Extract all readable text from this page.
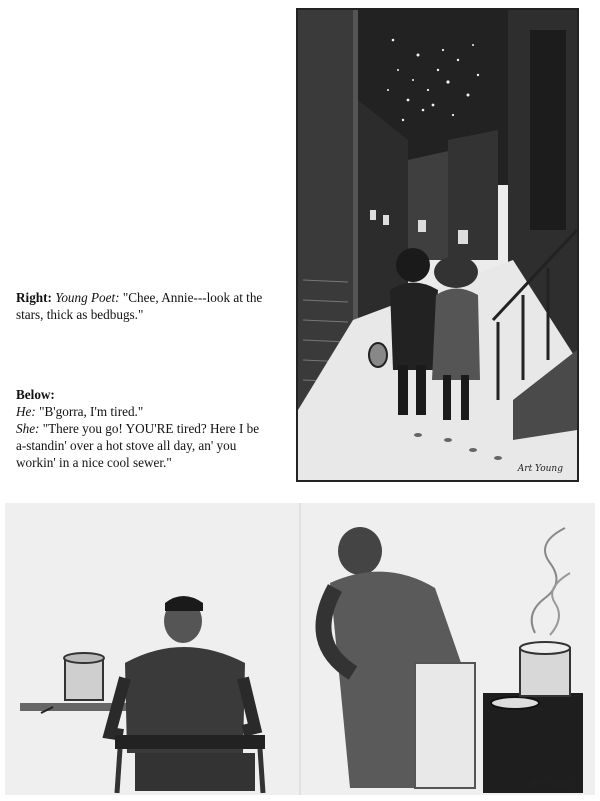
Right: Young Poet: "Chee, Annie---look at the
stars, thick as bedbugs."
Below:
He: "B'gorra, I'm tired."
She: "There you go! YOU'RE tired? Here I be
a-standin' over a hot stove all day, an' you
workin' in a nice cool sewer."	Art Young
Art Young
